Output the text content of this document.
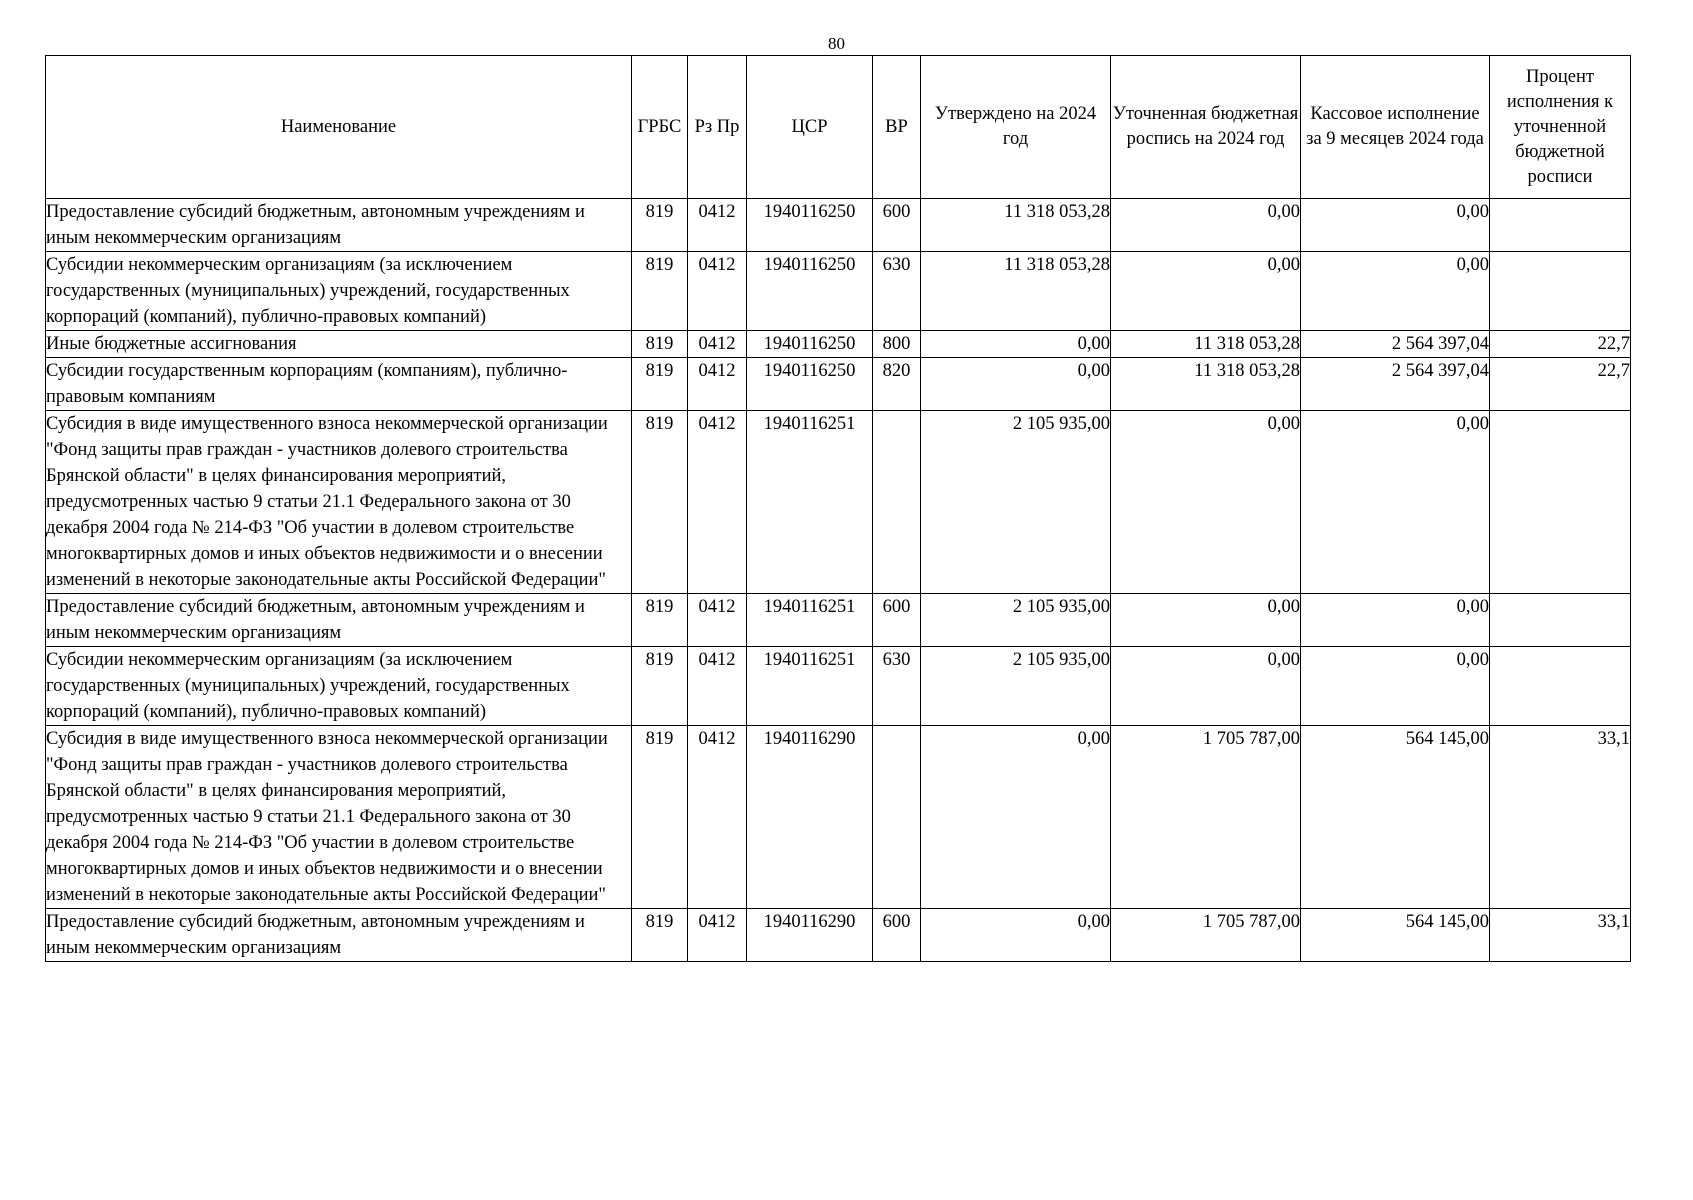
80
Наименование	ГРБС	Рз Пр	ЦСР	ВР	Утверждено на 2024 год	Уточненная бюджетная роспись на 2024 год	Кассовое исполнение за 9 месяцев 2024 года	Процент исполнения к уточненной бюджетной росписи
Предоставление субсидий бюджетным, автономным учреждениям и иным некоммерческим организациям	819	0412	1940116250	600	11 318 053,28	0,00	0,00	
Субсидии некоммерческим организациям (за исключением государственных (муниципальных) учреждений, государственных корпораций (компаний), публично-правовых компаний)	819	0412	1940116250	630	11 318 053,28	0,00	0,00	
Иные бюджетные ассигнования	819	0412	1940116250	800	0,00	11 318 053,28	2 564 397,04	22,7
Субсидии государственным корпорациям (компаниям), публично-правовым компаниям	819	0412	1940116250	820	0,00	11 318 053,28	2 564 397,04	22,7
Субсидия в виде имущественного взноса некоммерческой организации "Фонд защиты прав граждан - участников долевого строительства Брянской области" в целях финансирования мероприятий, предусмотренных частью 9 статьи 21.1 Федерального закона от 30 декабря 2004 года № 214-ФЗ "Об участии в долевом строительстве многоквартирных домов и иных объектов недвижимости и о внесении изменений в некоторые законодательные акты Российской Федерации"	819	0412	1940116251		2 105 935,00	0,00	0,00	
Предоставление субсидий бюджетным, автономным учреждениям и иным некоммерческим организациям	819	0412	1940116251	600	2 105 935,00	0,00	0,00	
Субсидии некоммерческим организациям (за исключением государственных (муниципальных) учреждений, государственных корпораций (компаний), публично-правовых компаний)	819	0412	1940116251	630	2 105 935,00	0,00	0,00	
Субсидия в виде имущественного взноса некоммерческой организации "Фонд защиты прав граждан - участников долевого строительства Брянской области" в целях финансирования мероприятий, предусмотренных частью 9 статьи 21.1 Федерального закона от 30 декабря 2004 года № 214-ФЗ "Об участии в долевом строительстве многоквартирных домов и иных объектов недвижимости и о внесении изменений в некоторые законодательные акты Российской Федерации"	819	0412	1940116290		0,00	1 705 787,00	564 145,00	33,1
Предоставление субсидий бюджетным, автономным учреждениям и иным некоммерческим организациям	819	0412	1940116290	600	0,00	1 705 787,00	564 145,00	33,1
